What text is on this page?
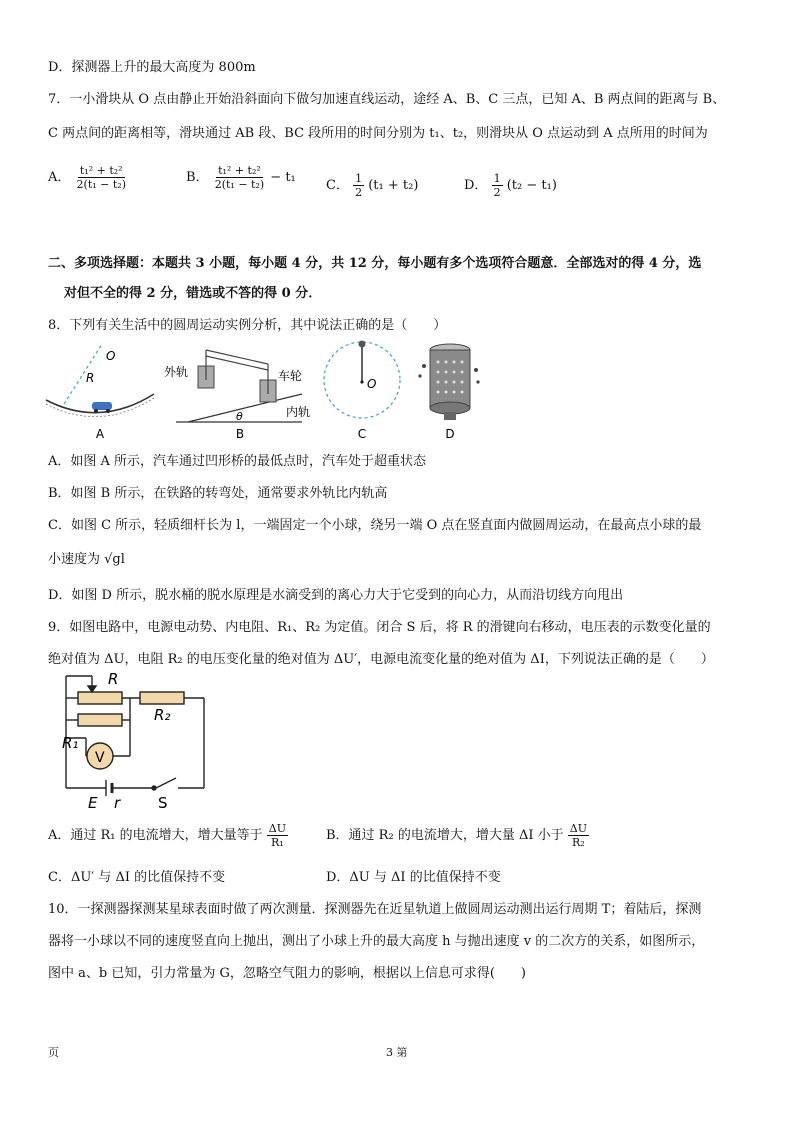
D．探测器上升的最大高度为 800m
7．一小滑块从 O 点由静止开始沿斜面向下做匀加速直线运动，途经 A、B、C 三点，已知 A、B 两点间的距离与 B、
C 两点间的距离相等，滑块通过 AB 段、BC 段所用的时间分别为 t₁、t₂，则滑块从 O 点运动到 A 点所用的时间为
A． $\frac{\text{t₁² + t₂²}}{\text{2(t₁ − t₂)}}$	B． $\frac{\text{t₁² + t₂²}}{\text{2(t₁ − t₂)}} - t_1$
C． $\frac{1}{2} (t_1 + t_2)$	D． $\frac{1}{2} (t_2 - t_1)$
二、多项选择题：本题共 3 小题，每小题 4 分，共 12 分，每小题有多个选项符合题意．全部选对的得 4 分，选
对但不全的得 2 分，错选或不答的得 0 分．
8．下列有关生活中的圆周运动实例分析，其中说法正确的是（　　）
O
R
A
外轨	车轮
内轨
θ
B
O
C	D
A．如图 A 所示，汽车通过凹形桥的最低点时，汽车处于超重状态
B．如图 B 所示，在铁路的转弯处，通常要求外轨比内轨高
C．如图 C 所示，轻质细杆长为 l，一端固定一个小球，绕另一端 O 点在竖直面内做圆周运动，在最高点小球的最
小速度为 √gl
D．如图 D 所示，脱水桶的脱水原理是水滴受到的离心力大于它受到的向心力，从而沿切线方向甩出
9．如图电路中，电源电动势、内电阻、R₁、R₂ 为定值。闭合 S 后，将 R 的滑键向右移动，电压表的示数变化量的
绝对值为 ΔU，电阻 R₂ 的电压变化量的绝对值为 ΔU′，电源电流变化量的绝对值为 ΔI，下列说法正确的是（　　）
R
R₂
R₁
V
E r	S
A．通过 R₁ 的电流增大，增大量等于 $\frac{\Delta U}{\text{R₁}}$	B．通过 R₂ 的电流增大，增大量 ΔI 小于 $\frac{\Delta U}{\text{R₂}}$
C．ΔU′ 与 ΔI 的比值保持不变	D．ΔU 与 ΔI 的比值保持不变
10．一探测器探测某星球表面时做了两次测量．探测器先在近星轨道上做圆周运动测出运行周期 T；着陆后，探测
器将一小球以不同的速度竖直向上抛出，测出了小球上升的最大高度 h 与抛出速度 v 的二次方的关系，如图所示，
图中 a、b 已知，引力常量为 G，忽略空气阻力的影响，根据以上信息可求得(　　)
页	3 第
